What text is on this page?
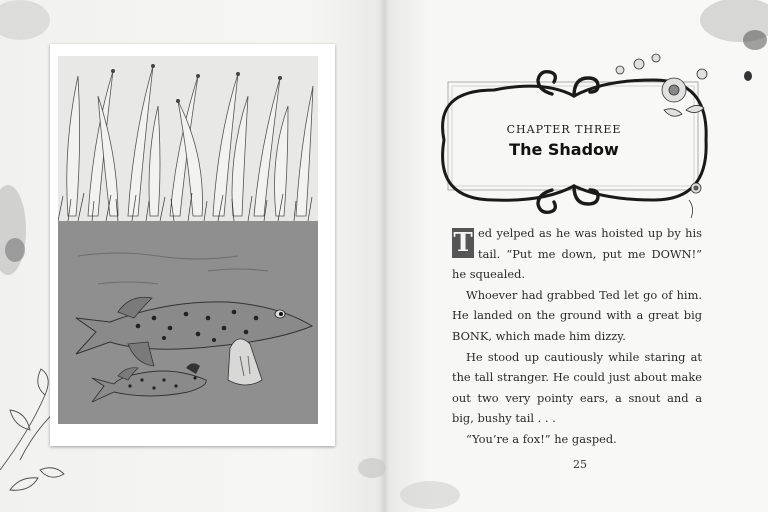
CHAPTER THREE
The Shadow

T ed yelped as he was hoisted up by his tail. “Put me down, put me DOWN!” he squealed.

Whoever had grabbed Ted let go of him. He landed on the ground with a great big BONK, which made him dizzy.

He stood up cautiously while staring at the tall stranger. He could just about make out two very pointy ears, a snout and a big, bushy tail . . .

“You’re a fox!” he gasped.

25
